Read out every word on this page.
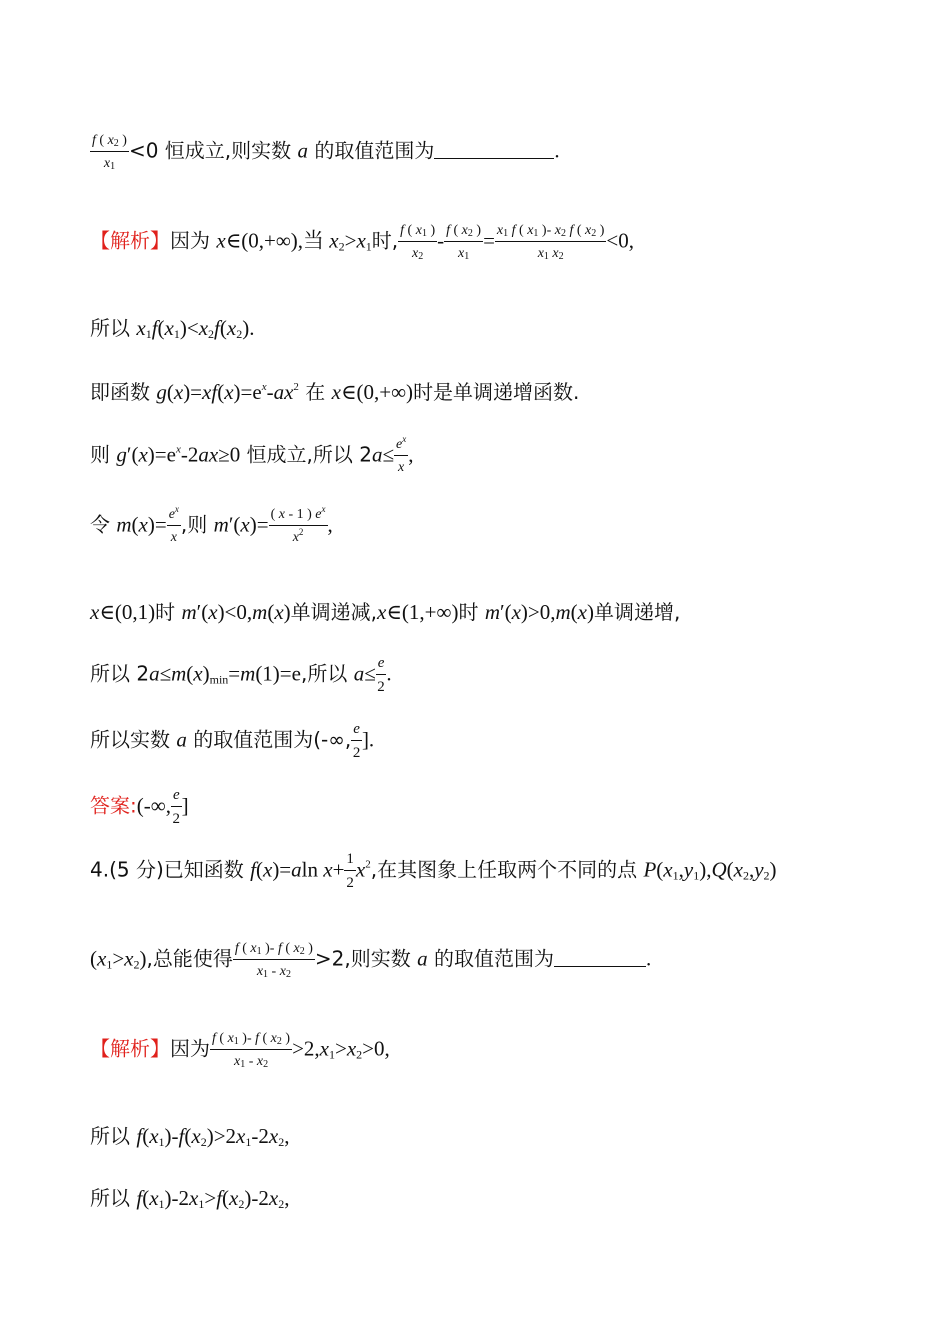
$\frac{f ( x_2 )}{x_1} <0$ 恒成立,则实数 a 的取值范围为	.
【解析】因为 x∈(0,+∞),当 $x_2>x_1$时, $\frac{f ( x_1 )}{x_2} - \frac{f ( x_2 )}{x_1} = \frac{x_1 f ( x_1 )- x_2 f ( x_2 )}{x_1 x_2} <0$,
所以 $x_1f(x_1)<x_2f(x_2)$.
即函数 $g(x)=xf(x)=e^x-ax^2$ 在 x∈(0,+∞)时是单调递增函数.
则 $g'(x)=e^x-2ax\ge 0$ 恒成立,所以 $2a\le \frac{e^x}{x}$ ,
令 $m(x)= \frac{e^x}{x}$ ,则 $m'(x)= \frac{( x - 1 ) e^x}{x^2}$ ,
x∈(0,1)时 m′(x)<0,m(x)单调递减,x∈(1,+∞)时 m′(x)>0,m(x)单调递增,
所以 $2a\le m(x)_{min}=m(1)=e$,所以 $a\le \frac{e}{2}$ .
所以实数 a 的取值范围为(-∞, $\frac{e}{2}$ ].
答案:(-∞, $\frac{e}{2}$ ]
4.(5 分)已知函数 f(x)=aln $x+ \frac{1}{2} x^2$,在其图象上任取两个不同的点 $P(x_1,y_1),Q(x_2,y_2)$
$(x_1>x_2)$,总能使得 $\frac{f ( x_1 )- f ( x_2 )}{x_1 - x_2} >2$,则实数 a 的取值范围为	.
【解析】因为 $\frac{f ( x_1 )- f ( x_2 )}{x_1 - x_2} >2,x_1>x_2>0$,
所以 $f(x_1)-f(x_2)>2x_1-2x_2$,
所以 $f(x_1)-2x_1>f(x_2)-2x_2$,
